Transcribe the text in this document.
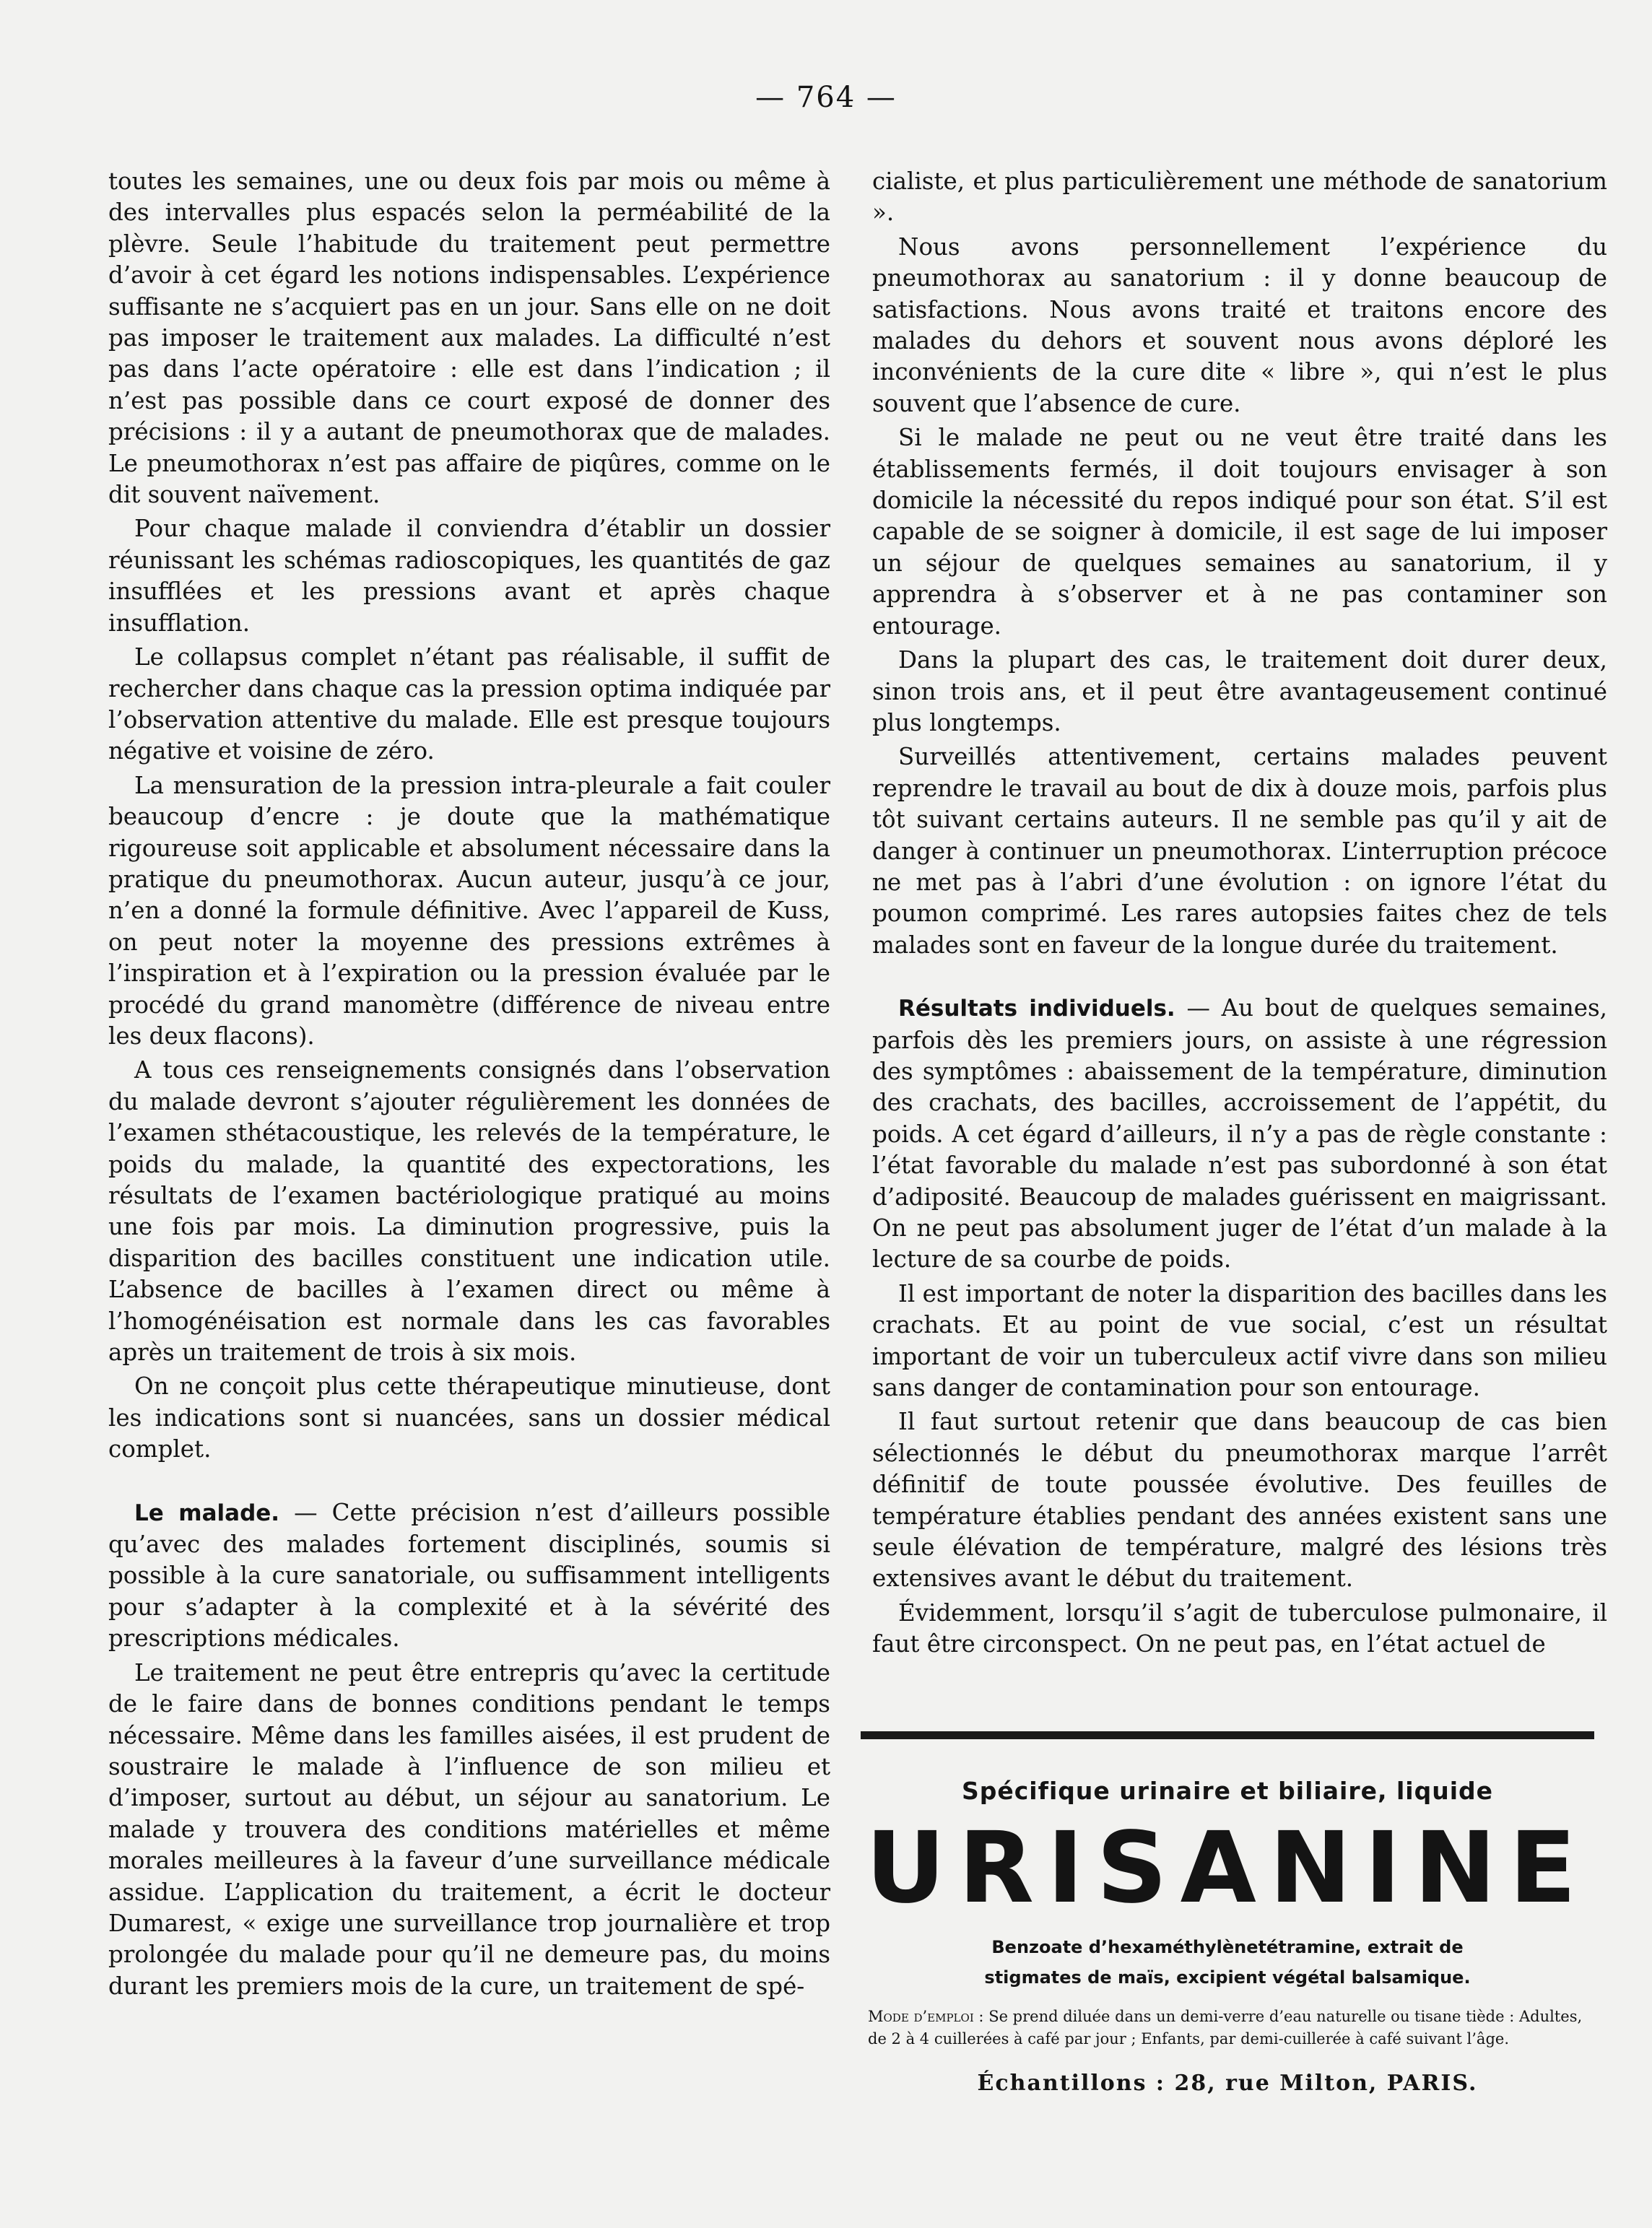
— 764 —

toutes les semaines, une ou deux fois par mois ou même à des intervalles plus espacés selon la perméabilité de la plèvre. Seule l’habitude du traitement peut permettre d’avoir à cet égard les notions indispensables. L’expérience suffisante ne s’acquiert pas en un jour. Sans elle on ne doit pas imposer le traitement aux malades. La difficulté n’est pas dans l’acte opératoire : elle est dans l’indication ; il n’est pas possible dans ce court exposé de donner des précisions : il y a autant de pneumothorax que de malades. Le pneumothorax n’est pas affaire de piqûres, comme on le dit souvent naïvement.

Pour chaque malade il conviendra d’établir un dossier réunissant les schémas radioscopiques, les quantités de gaz insufflées et les pressions avant et après chaque insufflation.

Le collapsus complet n’étant pas réalisable, il suffit de rechercher dans chaque cas la pression optima indiquée par l’observation attentive du malade. Elle est presque toujours négative et voisine de zéro.

La mensuration de la pression intra-pleurale a fait couler beaucoup d’encre : je doute que la mathématique rigoureuse soit applicable et absolument nécessaire dans la pratique du pneumothorax. Aucun auteur, jusqu’à ce jour, n’en a donné la formule définitive. Avec l’appareil de Kuss, on peut noter la moyenne des pressions extrêmes à l’inspiration et à l’expiration ou la pression évaluée par le procédé du grand manomètre (différence de niveau entre les deux flacons).

A tous ces renseignements consignés dans l’observation du malade devront s’ajouter régulièrement les données de l’examen sthétacoustique, les relevés de la température, le poids du malade, la quantité des expectorations, les résultats de l’examen bactériologique pratiqué au moins une fois par mois. La diminution progressive, puis la disparition des bacilles constituent une indication utile. L’absence de bacilles à l’examen direct ou même à l’homogénéisation est normale dans les cas favorables après un traitement de trois à six mois.

On ne conçoit plus cette thérapeutique minutieuse, dont les indications sont si nuancées, sans un dossier médical complet.

Le malade. — Cette précision n’est d’ailleurs possible qu’avec des malades fortement disciplinés, soumis si possible à la cure sanatoriale, ou suffisamment intelligents pour s’adapter à la complexité et à la sévérité des prescriptions médicales.

Le traitement ne peut être entrepris qu’avec la certitude de le faire dans de bonnes conditions pendant le temps nécessaire. Même dans les familles aisées, il est prudent de soustraire le malade à l’influence de son milieu et d’imposer, surtout au début, un séjour au sanatorium. Le malade y trouvera des conditions matérielles et même morales meilleures à la faveur d’une surveillance médicale assidue. L’application du traitement, a écrit le docteur Dumarest, « exige une surveillance trop journalière et trop prolongée du malade pour qu’il ne demeure pas, du moins durant les premiers mois de la cure, un traitement de spé-

cialiste, et plus particulièrement une méthode de sanatorium ».

Nous avons personnellement l’expérience du pneumothorax au sanatorium : il y donne beaucoup de satisfactions. Nous avons traité et traitons encore des malades du dehors et souvent nous avons déploré les inconvénients de la cure dite « libre », qui n’est le plus souvent que l’absence de cure.

Si le malade ne peut ou ne veut être traité dans les établissements fermés, il doit toujours envisager à son domicile la nécessité du repos indiqué pour son état. S’il est capable de se soigner à domicile, il est sage de lui imposer un séjour de quelques semaines au sanatorium, il y apprendra à s’observer et à ne pas contaminer son entourage.

Dans la plupart des cas, le traitement doit durer deux, sinon trois ans, et il peut être avantageusement continué plus longtemps.

Surveillés attentivement, certains malades peuvent reprendre le travail au bout de dix à douze mois, parfois plus tôt suivant certains auteurs. Il ne semble pas qu’il y ait de danger à continuer un pneumothorax. L’interruption précoce ne met pas à l’abri d’une évolution : on ignore l’état du poumon comprimé. Les rares autopsies faites chez de tels malades sont en faveur de la longue durée du traitement.

Résultats individuels. — Au bout de quelques semaines, parfois dès les premiers jours, on assiste à une régression des symptômes : abaissement de la température, diminution des crachats, des bacilles, accroissement de l’appétit, du poids. A cet égard d’ailleurs, il n’y a pas de règle constante : l’état favorable du malade n’est pas subordonné à son état d’adiposité. Beaucoup de malades guérissent en maigrissant. On ne peut pas absolument juger de l’état d’un malade à la lecture de sa courbe de poids.

Il est important de noter la disparition des bacilles dans les crachats. Et au point de vue social, c’est un résultat important de voir un tuberculeux actif vivre dans son milieu sans danger de contamination pour son entourage.

Il faut surtout retenir que dans beaucoup de cas bien sélectionnés le début du pneumothorax marque l’arrêt définitif de toute poussée évolutive. Des feuilles de température établies pendant des années existent sans une seule élévation de température, malgré des lésions très extensives avant le début du traitement.

Évidemment, lorsqu’il s’agit de tuberculose pulmonaire, il faut être circonspect. On ne peut pas, en l’état actuel de

Spécifique urinaire et biliaire, liquide
URISANINE
Benzoate d’hexaméthylènetétramine, extrait de
stigmates de maïs, excipient végétal balsamique.
Mode d’emploi : Se prend diluée dans un demi-verre d’eau naturelle ou tisane tiède : Adultes, de 2 à 4 cuillerées à café par jour ; Enfants, par demi-cuillerée à café suivant l’âge.
Échantillons : 28, rue Milton, PARIS.
